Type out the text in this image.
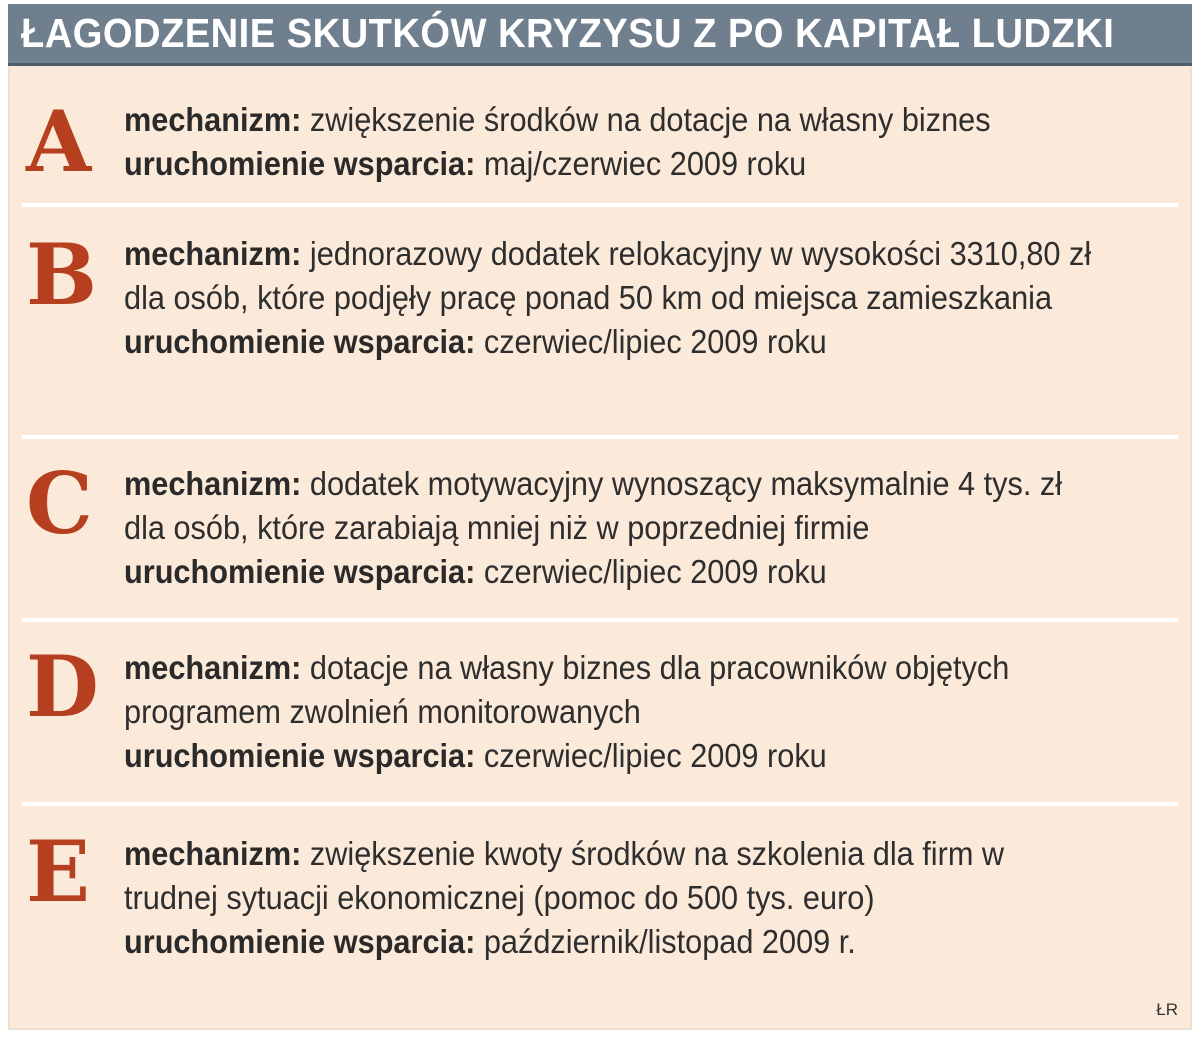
ŁAGODZENIE SKUTKÓW KRYZYSU Z PO KAPITAŁ LUDZKI
A mechanizm: zwiększenie środków na dotacje na własny biznes
uruchomienie wsparcia: maj/czerwiec 2009 roku
B mechanizm: jednorazowy dodatek relokacyjny w wysokości 3310,80 zł dla osób, które podjęły pracę ponad 50 km od miejsca zamieszkania
uruchomienie wsparcia: czerwiec/lipiec 2009 roku
C mechanizm: dodatek motywacyjny wynoszący maksymalnie 4 tys. zł dla osób, które zarabiają mniej niż w poprzedniej firmie
uruchomienie wsparcia: czerwiec/lipiec 2009 roku
D mechanizm: dotacje na własny biznes dla pracowników objętych programem zwolnień monitorowanych
uruchomienie wsparcia: czerwiec/lipiec 2009 roku
E mechanizm: zwiększenie kwoty środków na szkolenia dla firm w trudnej sytuacji ekonomicznej (pomoc do 500 tys. euro)
uruchomienie wsparcia: październik/listopad 2009 r.
ŁR
